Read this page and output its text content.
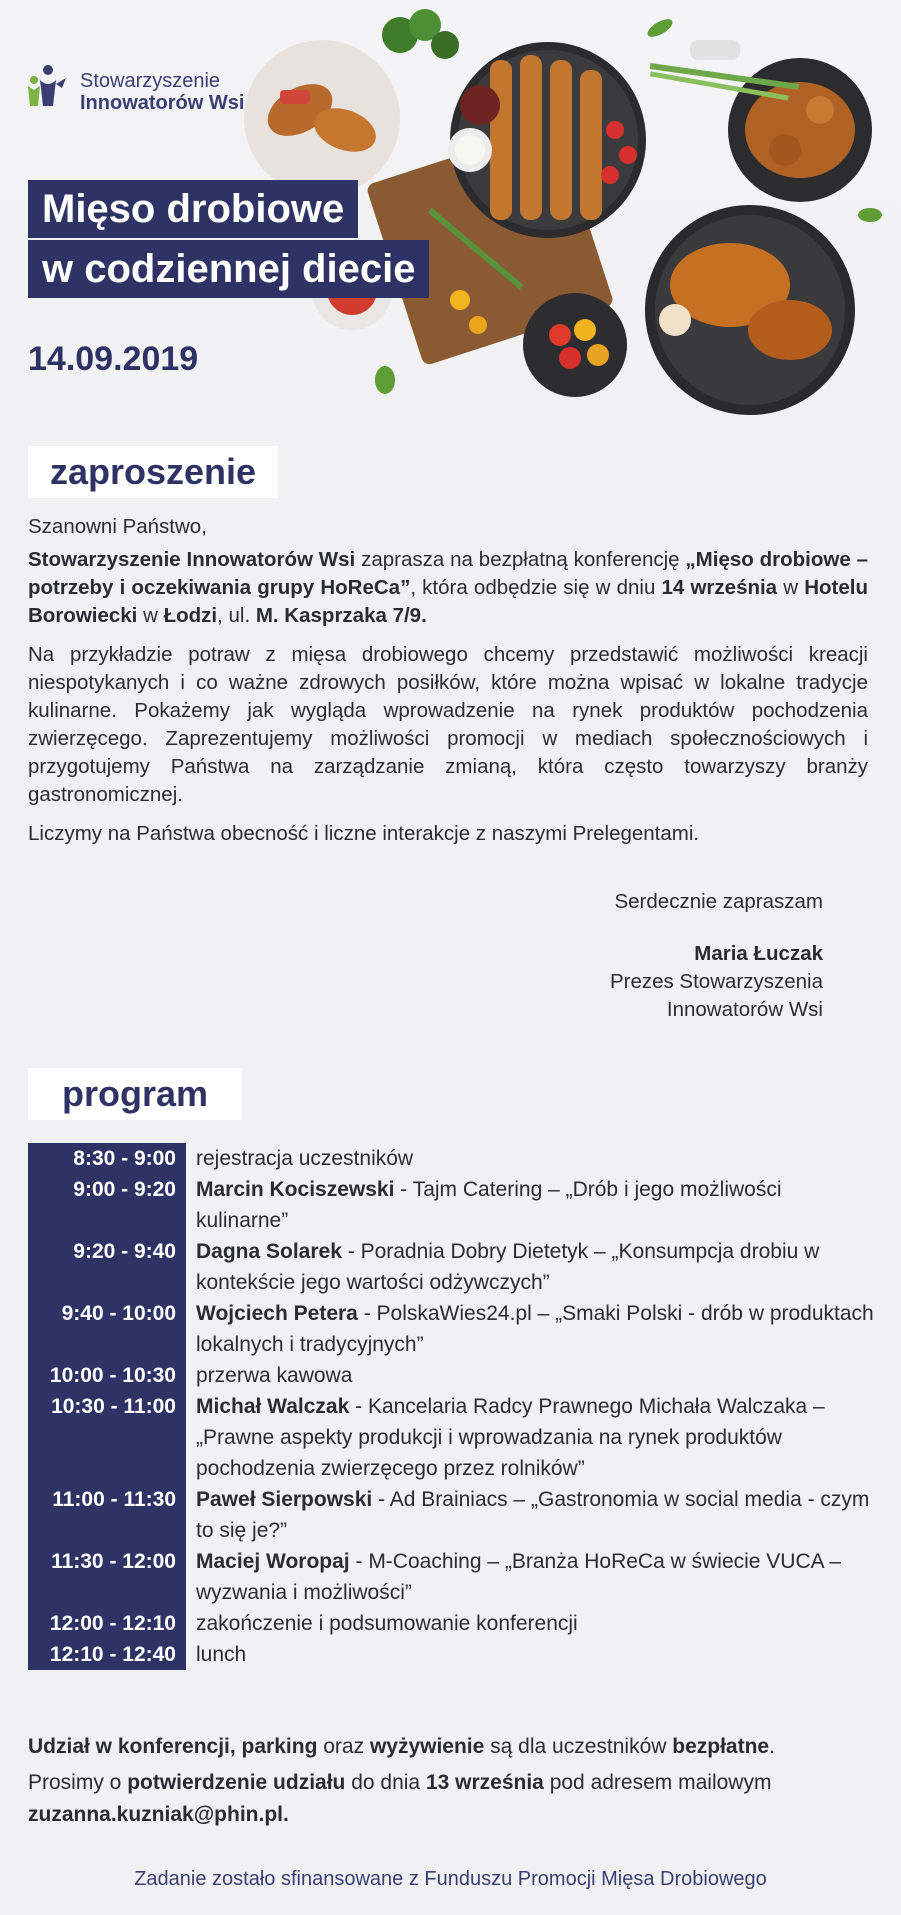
Stowarzyszenie
Innowatorów Wsi
Mięso drobiowe
w codziennej diecie
14.09.2019
zaproszenie
Szanowni Państwo,
Stowarzyszenie Innowatorów Wsi zaprasza na bezpłatną konferencję „Mięso drobiowe – potrzeby i oczekiwania grupy HoReCa”, która odbędzie się w dniu 14 września w Hotelu Borowiecki w Łodzi, ul. M. Kasprzaka 7/9.
Na przykładzie potraw z mięsa drobiowego chcemy przedstawić możliwości kreacji niespotykanych i co ważne zdrowych posiłków, które można wpisać w lokalne tradycje kulinarne. Pokażemy jak wygląda wprowadzenie na rynek produktów pochodzenia zwierzęcego. Zaprezentujemy możliwości promocji w mediach społecznościowych i przygotujemy Państwa na zarządzanie zmianą, która często towarzyszy branży gastronomicznej.
Liczymy na Państwa obecność i liczne interakcje z naszymi Prelegentami.
Serdecznie zapraszam
Maria Łuczak
Prezes Stowarzyszenia
Innowatorów Wsi
program
8:30 - 9:00	rejestracja uczestników
9:00 - 9:20	Marcin Kociszewski - Tajm Catering – „Drób i jego możliwości kulinarne”
9:20 - 9:40	Dagna Solarek - Poradnia Dobry Dietetyk – „Konsumpcja drobiu w kontekście jego wartości odżywczych”
9:40 - 10:00	Wojciech Petera - PolskaWies24.pl – „Smaki Polski - drób w produktach lokalnych i tradycyjnych”
10:00 - 10:30	przerwa kawowa
10:30 - 11:00	Michał Walczak - Kancelaria Radcy Prawnego Michała Walczaka – „Prawne aspekty produkcji i wprowadzania na rynek produktów pochodzenia zwierzęcego przez rolników”
11:00 - 11:30	Paweł Sierpowski - Ad Brainiacs – „Gastronomia w social media - czym to się je?”
11:30 - 12:00	Maciej Woropaj - M-Coaching – „Branża HoReCa w świecie VUCA – wyzwania i możliwości”
12:00 - 12:10	zakończenie i podsumowanie konferencji
12:10 - 12:40	lunch
Udział w konferencji, parking oraz wyżywienie są dla uczestników bezpłatne.
Prosimy o potwierdzenie udziału do dnia 13 września pod adresem mailowym zuzanna.kuzniak@phin.pl.
Zadanie zostało sfinansowane z Funduszu Promocji Mięsa Drobiowego
